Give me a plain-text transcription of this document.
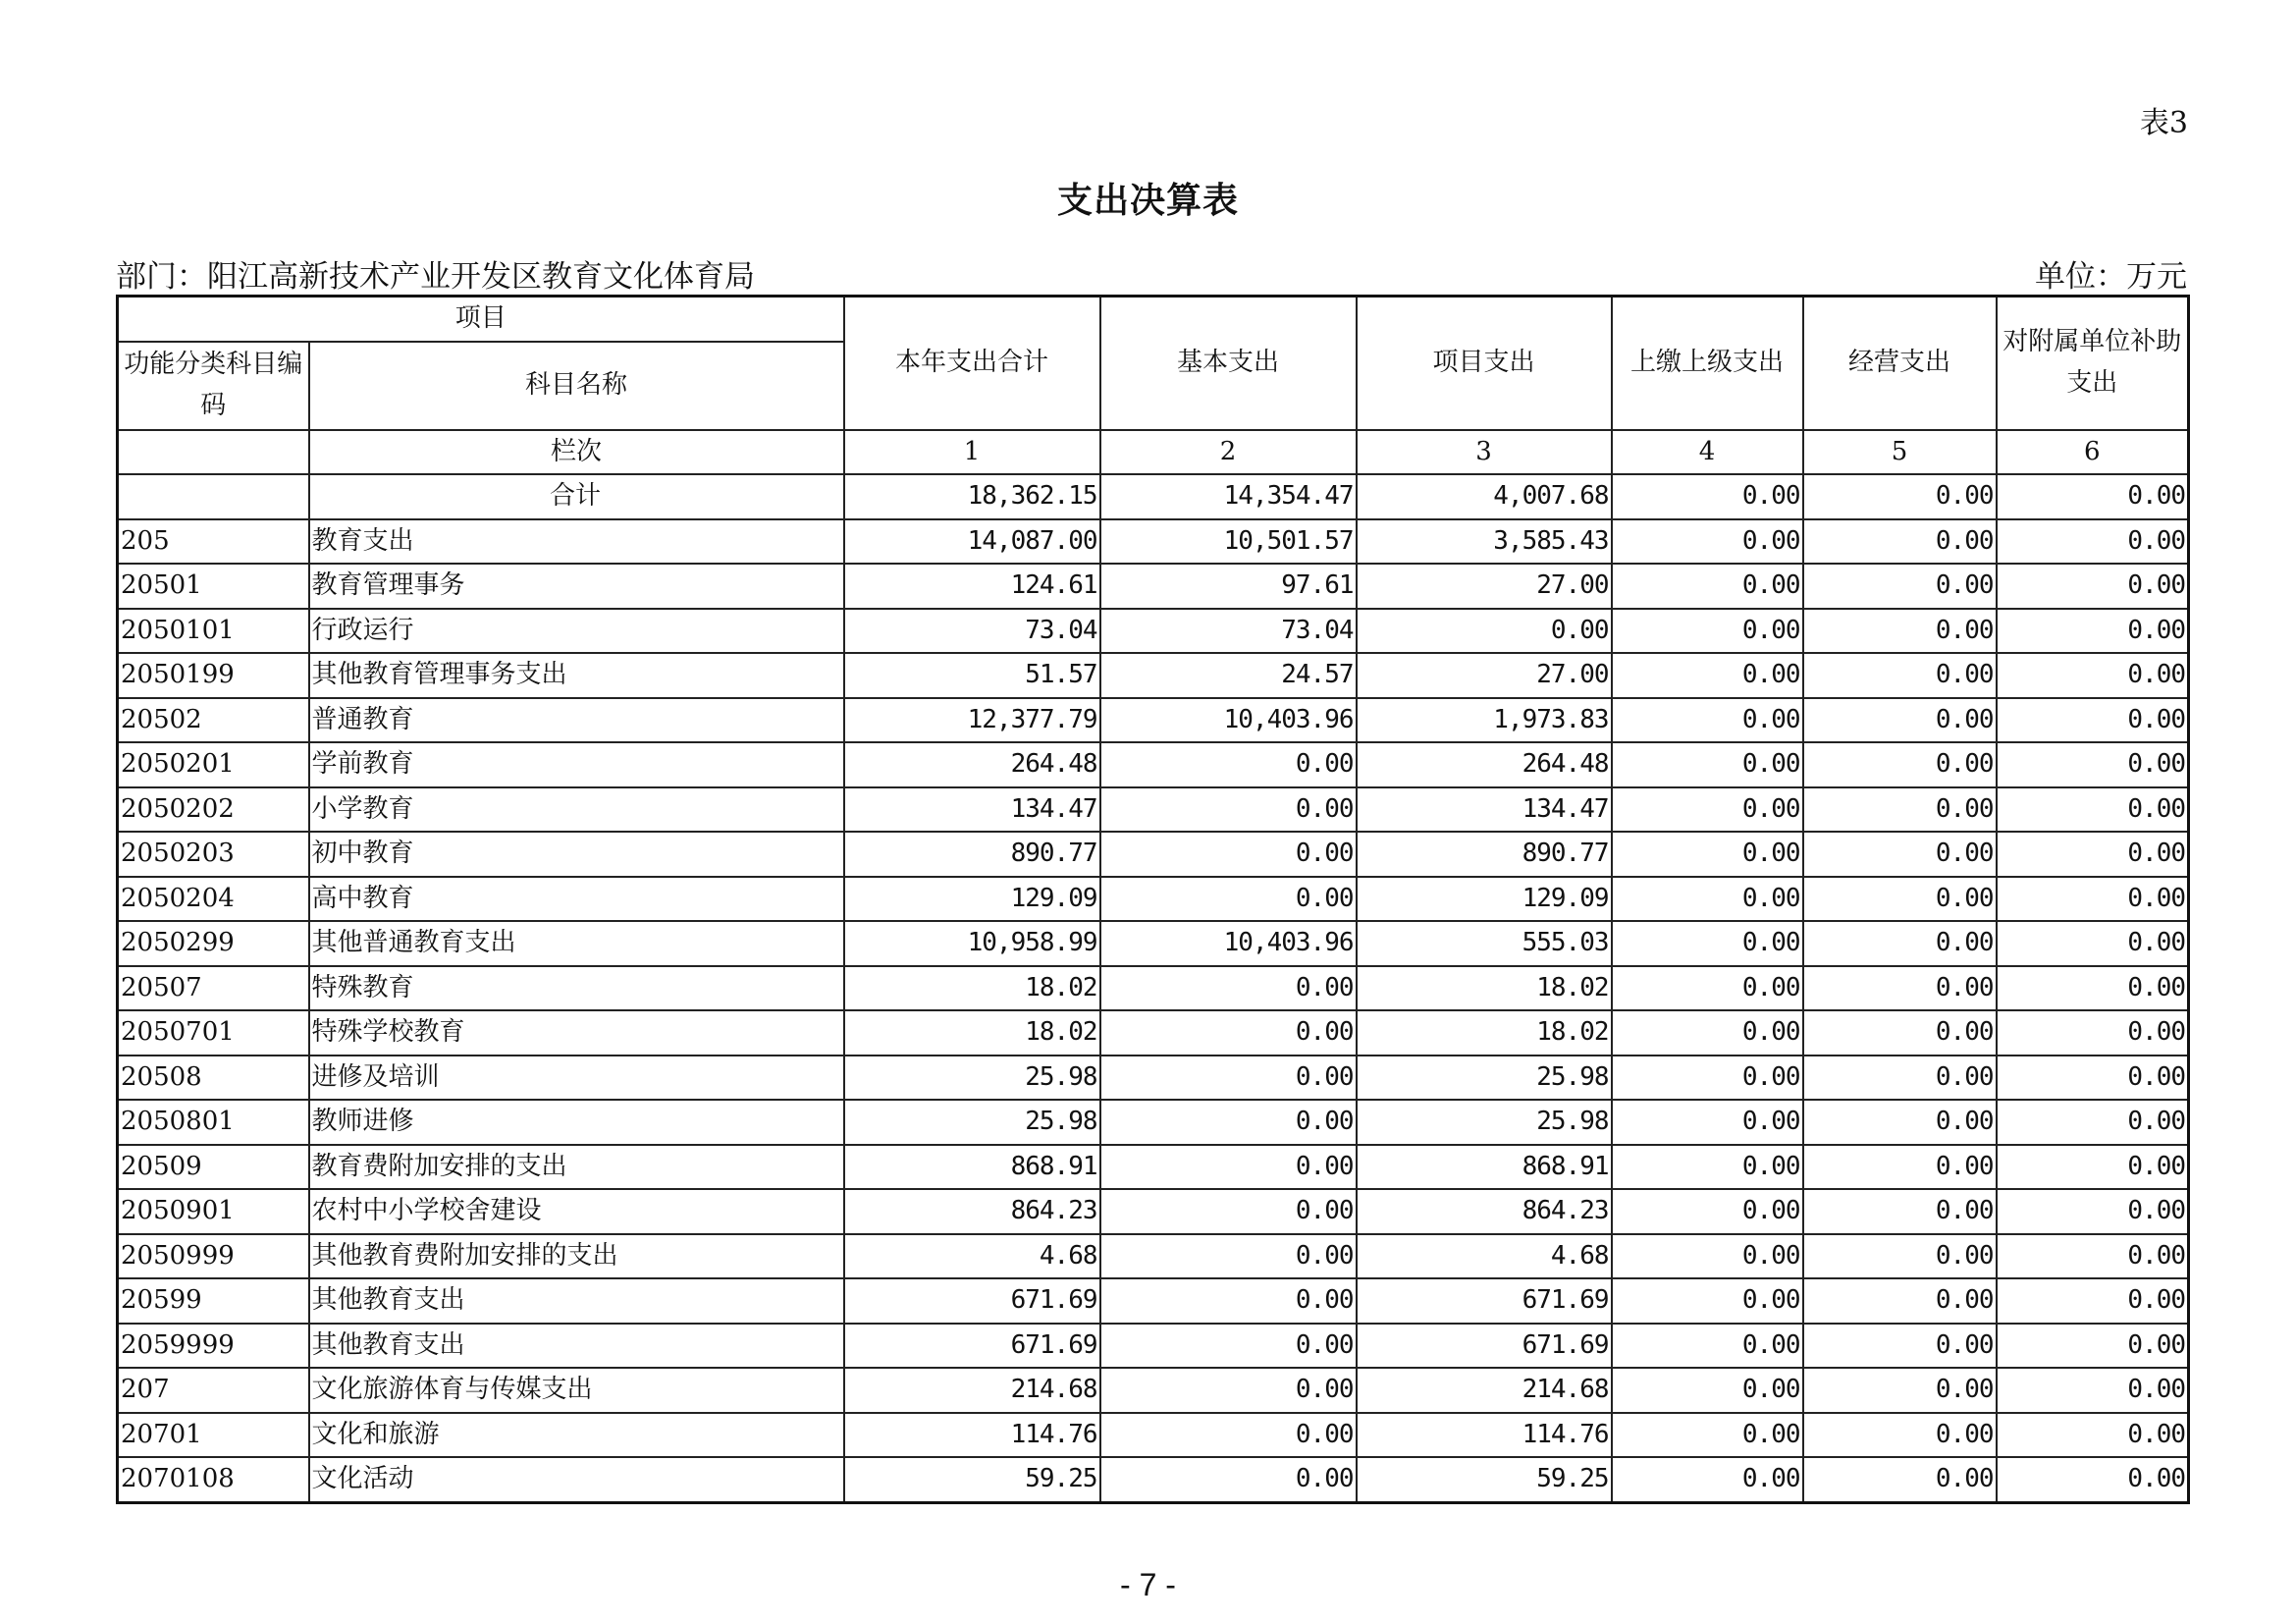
表3
支出决算表
部门：阳江高新技术产业开发区教育文化体育局	单位：万元
项目		本年支出合计	基本支出	项目支出	上缴上级支出	经营支出	对附属单位补助支出
功能分类科目编码	科目名称						
	栏次	1	2	3	4	5	6
	合计	18,362.15	14,354.47	4,007.68	0.00	0.00	0.00
205	教育支出	14,087.00	10,501.57	3,585.43	0.00	0.00	0.00
20501	教育管理事务	124.61	97.61	27.00	0.00	0.00	0.00
2050101	行政运行	73.04	73.04	0.00	0.00	0.00	0.00
2050199	其他教育管理事务支出	51.57	24.57	27.00	0.00	0.00	0.00
20502	普通教育	12,377.79	10,403.96	1,973.83	0.00	0.00	0.00
2050201	学前教育	264.48	0.00	264.48	0.00	0.00	0.00
2050202	小学教育	134.47	0.00	134.47	0.00	0.00	0.00
2050203	初中教育	890.77	0.00	890.77	0.00	0.00	0.00
2050204	高中教育	129.09	0.00	129.09	0.00	0.00	0.00
2050299	其他普通教育支出	10,958.99	10,403.96	555.03	0.00	0.00	0.00
20507	特殊教育	18.02	0.00	18.02	0.00	0.00	0.00
2050701	特殊学校教育	18.02	0.00	18.02	0.00	0.00	0.00
20508	进修及培训	25.98	0.00	25.98	0.00	0.00	0.00
2050801	教师进修	25.98	0.00	25.98	0.00	0.00	0.00
20509	教育费附加安排的支出	868.91	0.00	868.91	0.00	0.00	0.00
2050901	农村中小学校舍建设	864.23	0.00	864.23	0.00	0.00	0.00
2050999	其他教育费附加安排的支出	4.68	0.00	4.68	0.00	0.00	0.00
20599	其他教育支出	671.69	0.00	671.69	0.00	0.00	0.00
2059999	其他教育支出	671.69	0.00	671.69	0.00	0.00	0.00
207	文化旅游体育与传媒支出	214.68	0.00	214.68	0.00	0.00	0.00
20701	文化和旅游	114.76	0.00	114.76	0.00	0.00	0.00
2070108	文化活动	59.25	0.00	59.25	0.00	0.00	0.00
- 7 -
